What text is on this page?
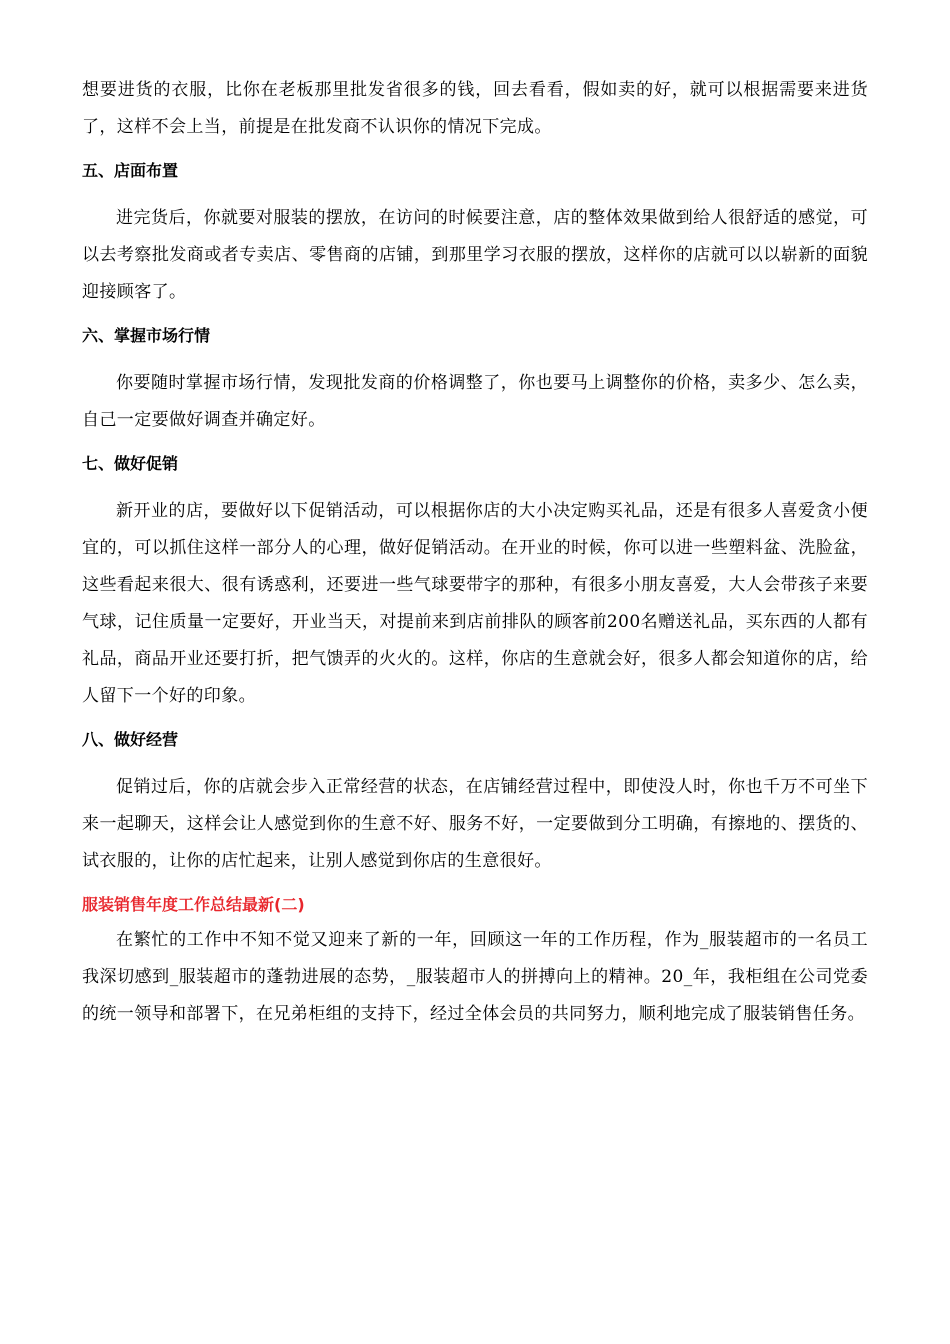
想要进货的衣服，比你在老板那里批发省很多的钱，回去看看，假如卖的好，就可以根据需要来进货了，这样不会上当，前提是在批发商不认识你的情况下完成。

五、店面布置

进完货后，你就要对服装的摆放，在访问的时候要注意，店的整体效果做到给人很舒适的感觉，可以去考察批发商或者专卖店、零售商的店铺，到那里学习衣服的摆放，这样你的店就可以以崭新的面貌迎接顾客了。

六、掌握市场行情

你要随时掌握市场行情，发现批发商的价格调整了，你也要马上调整你的价格，卖多少、怎么卖，自己一定要做好调查并确定好。

七、做好促销

新开业的店，要做好以下促销活动，可以根据你店的大小决定购买礼品，还是有很多人喜爱贪小便宜的，可以抓住这样一部分人的心理，做好促销活动。在开业的时候，你可以进一些塑料盆、洗脸盆，这些看起来很大、很有诱惑利，还要进一些气球要带字的那种，有很多小朋友喜爱，大人会带孩子来要气球，记住质量一定要好，开业当天，对提前来到店前排队的顾客前200名赠送礼品，买东西的人都有礼品，商品开业还要打折，把气馈弄的火火的。这样，你店的生意就会好，很多人都会知道你的店，给人留下一个好的印象。

八、做好经营

促销过后，你的店就会步入正常经营的状态，在店铺经营过程中，即使没人时，你也千万不可坐下来一起聊天，这样会让人感觉到你的生意不好、服务不好，一定要做到分工明确，有擦地的、摆货的、试衣服的，让你的店忙起来，让别人感觉到你店的生意很好。

服装销售年度工作总结最新(二)

在繁忙的工作中不知不觉又迎来了新的一年，回顾这一年的工作历程，作为_服装超市的一名员工我深切感到_服装超市的蓬勃进展的态势，_服装超市人的拼搏向上的精神。20_年，我柜组在公司党委的统一领导和部署下，在兄弟柜组的支持下，经过全体会员的共同努力，顺利地完成了服装销售任务。
